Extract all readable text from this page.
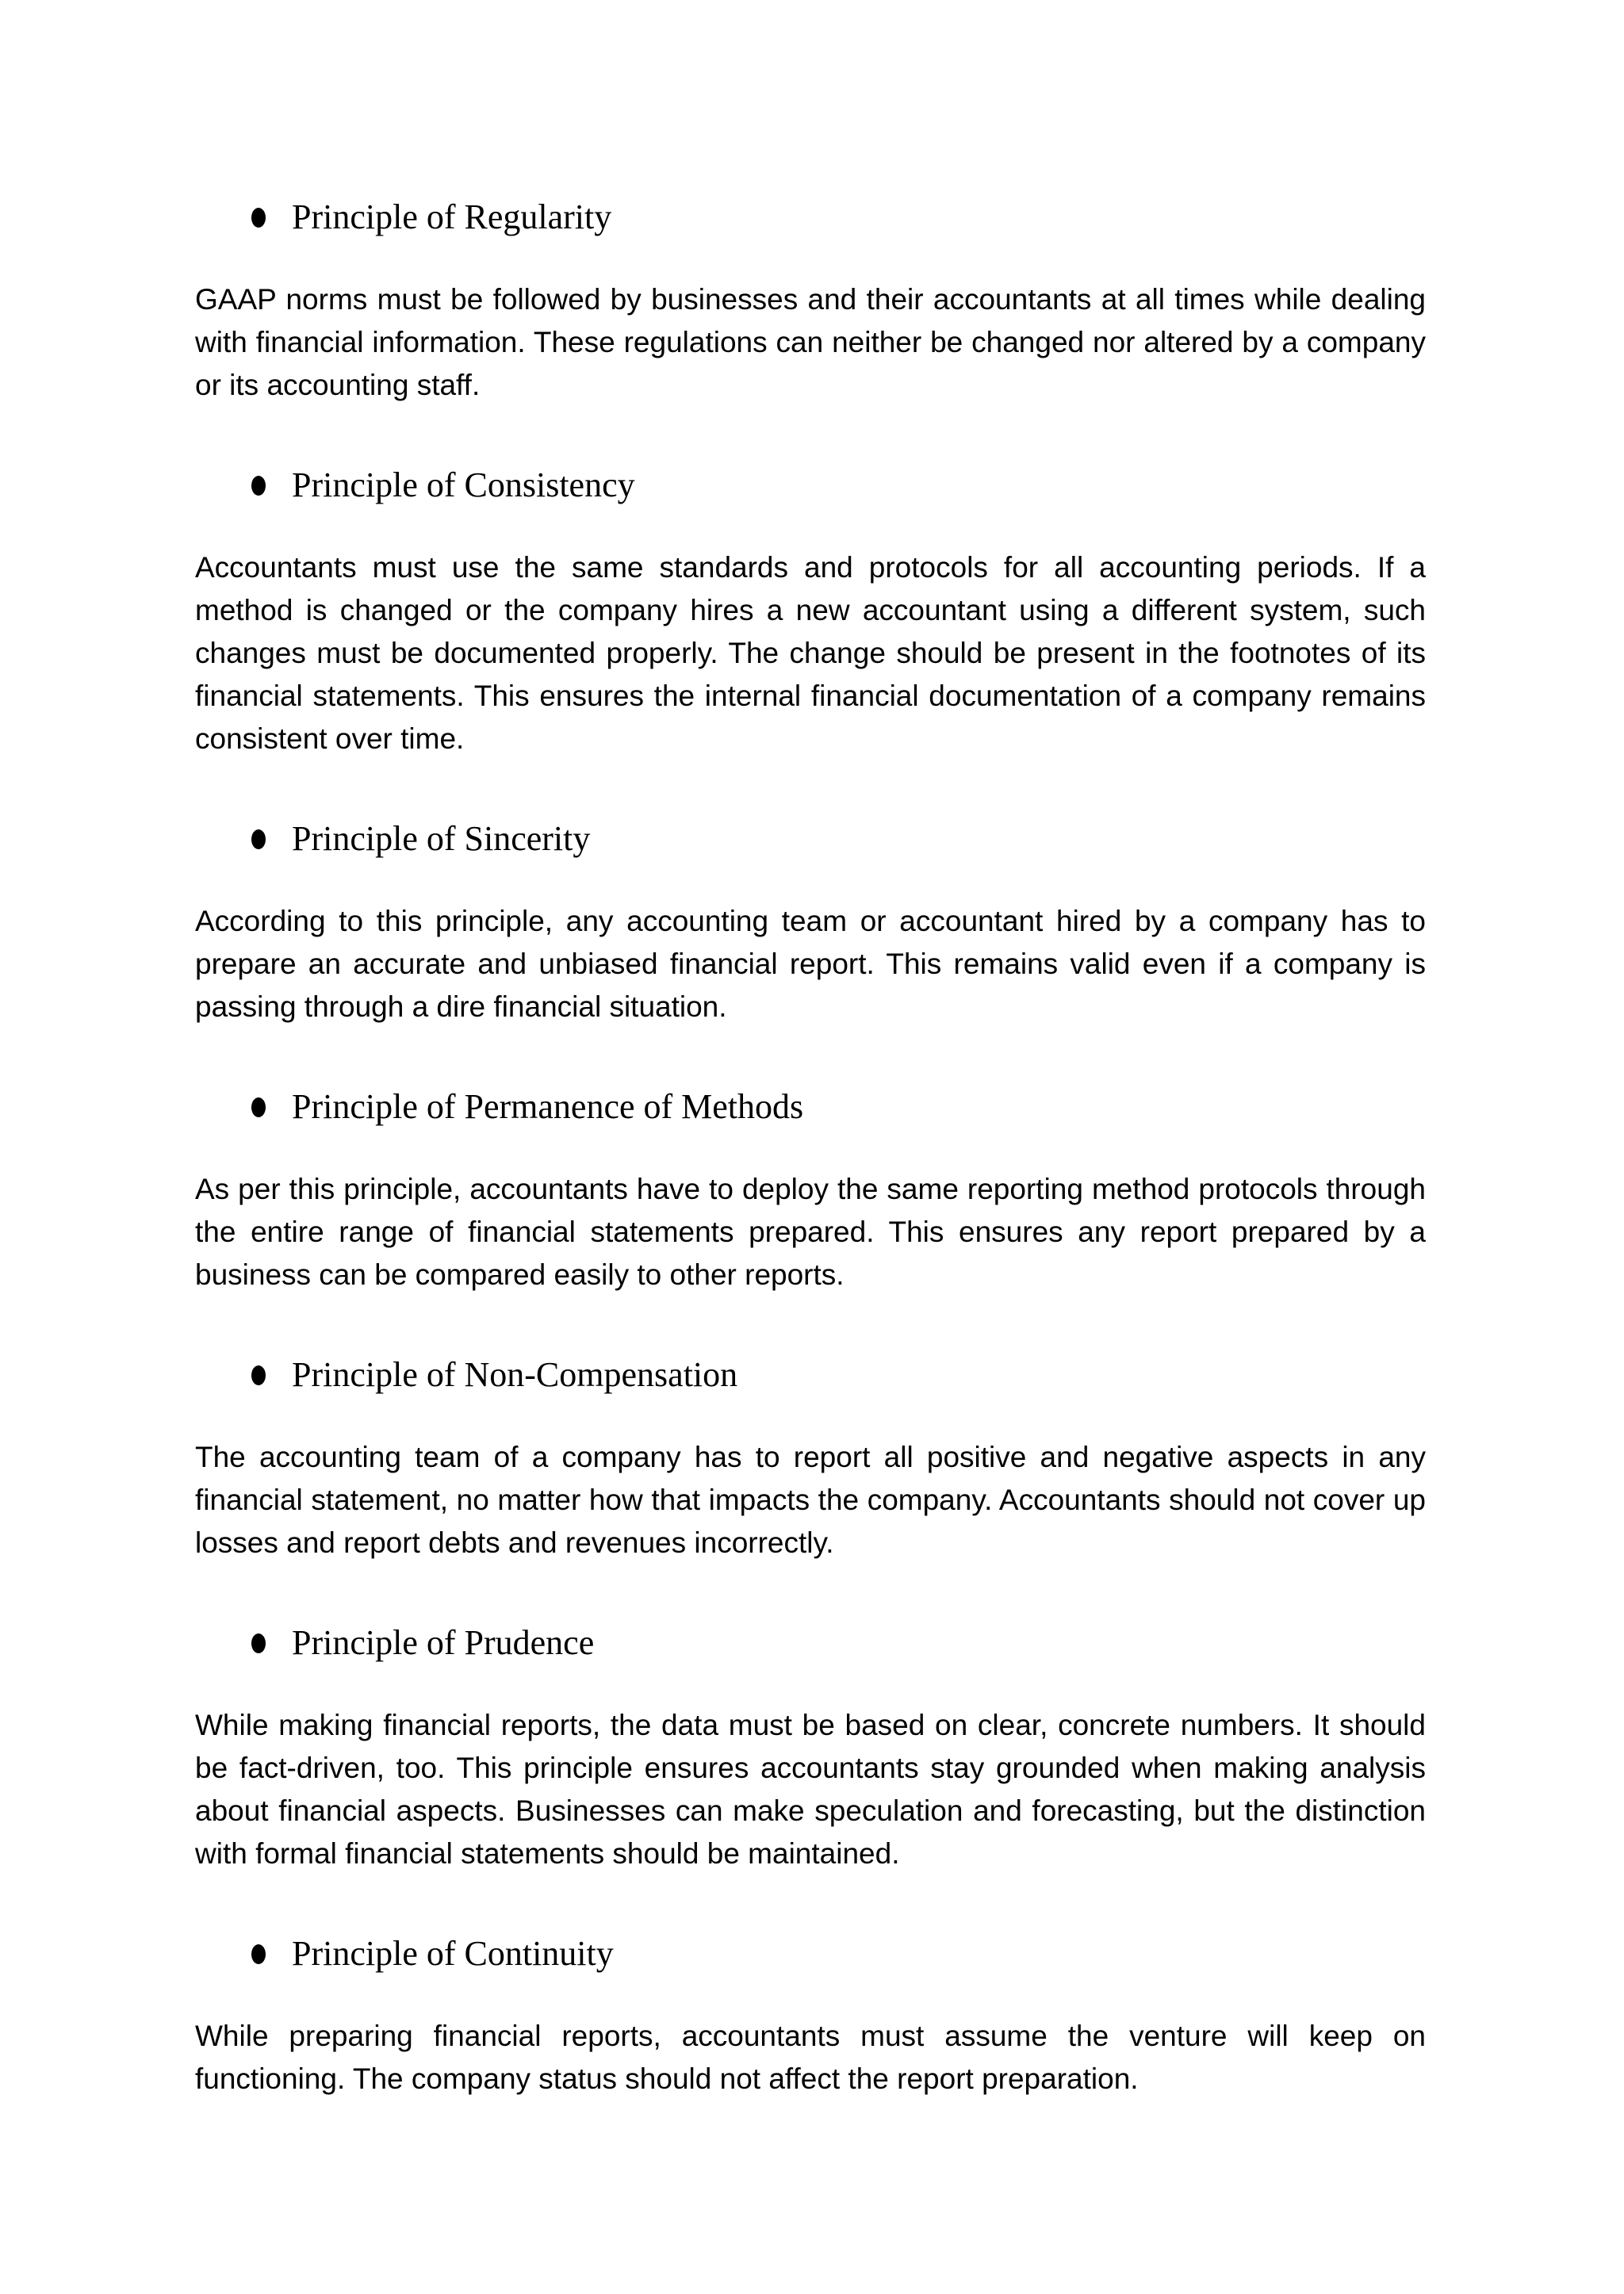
Principle of Regularity

GAAP norms must be followed by businesses and their accountants at all times while dealing with financial information. These regulations can neither be changed nor altered by a company or its accounting staff.

Principle of Consistency

Accountants must use the same standards and protocols for all accounting periods. If a method is changed or the company hires a new accountant using a different system, such changes must be documented properly. The change should be present in the footnotes of its financial statements. This ensures the internal financial documentation of a company remains consistent over time.

Principle of Sincerity

According to this principle, any accounting team or accountant hired by a company has to prepare an accurate and unbiased financial report. This remains valid even if a company is passing through a dire financial situation.

Principle of Permanence of Methods

As per this principle, accountants have to deploy the same reporting method protocols through the entire range of financial statements prepared. This ensures any report prepared by a business can be compared easily to other reports.

Principle of Non-Compensation

The accounting team of a company has to report all positive and negative aspects in any financial statement, no matter how that impacts the company. Accountants should not cover up losses and report debts and revenues incorrectly.

Principle of Prudence

While making financial reports, the data must be based on clear, concrete numbers. It should be fact-driven, too. This principle ensures accountants stay grounded when making analysis about financial aspects. Businesses can make speculation and forecasting, but the distinction with formal financial statements should be maintained.

Principle of Continuity

While preparing financial reports, accountants must assume the venture will keep on functioning. The company status should not affect the report preparation.
